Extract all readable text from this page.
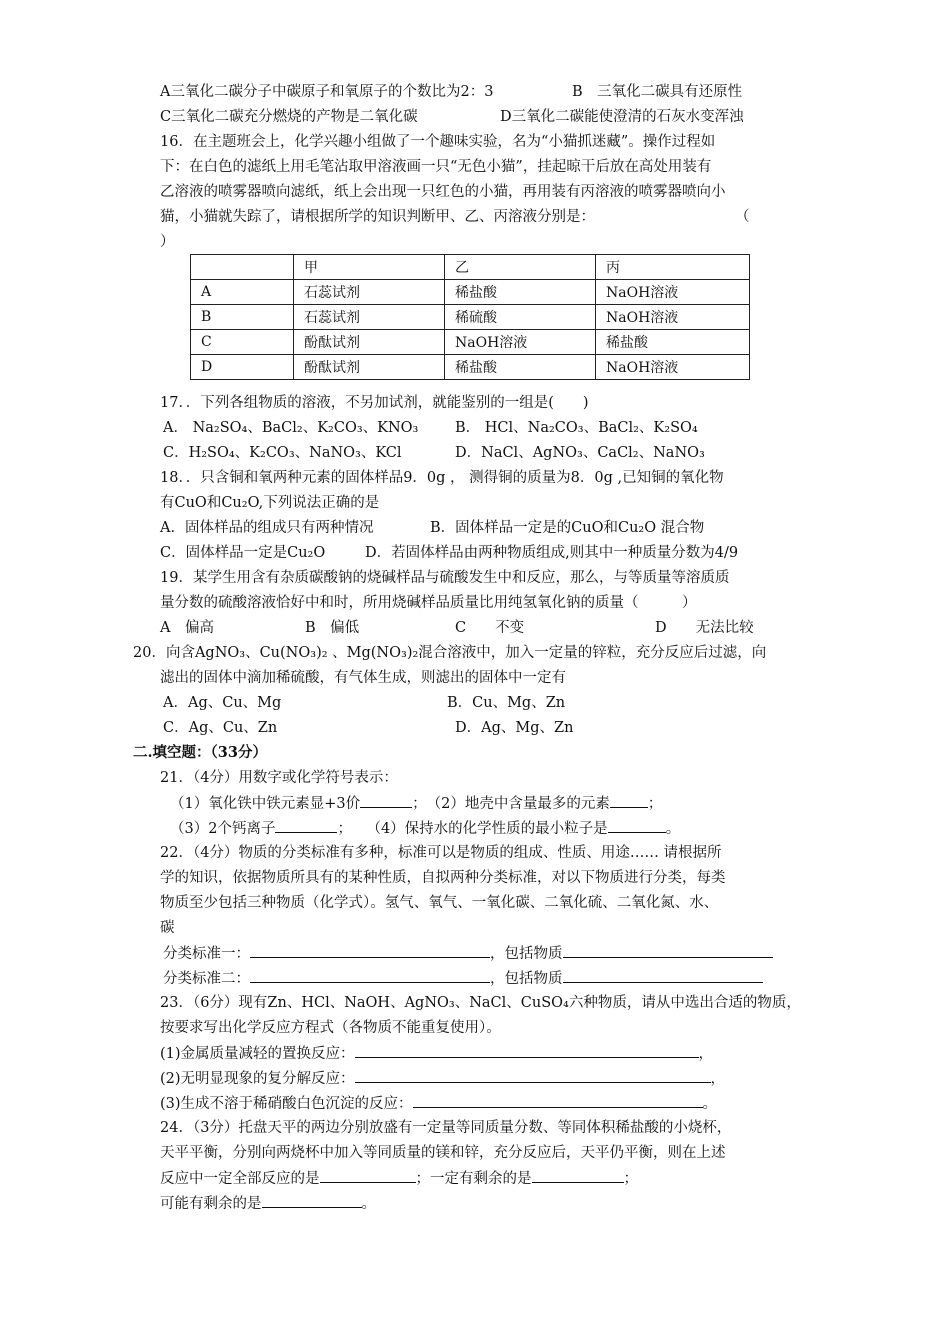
A三氧化二碳分子中碳原子和氧原子的个数比为2：3	B　三氧化二碳具有还原性
C三氧化二碳充分燃烧的产物是二氧化碳	D三氧化二碳能使澄清的石灰水变浑浊
16．在主题班会上，化学兴趣小组做了一个趣味实验，名为“小猫抓迷藏”。操作过程如
下：在白色的滤纸上用毛笔沾取甲溶液画一只“无色小猫”，挂起晾干后放在高处用装有
乙溶液的喷雾器喷向滤纸，纸上会出现一只红色的小猫，再用装有丙溶液的喷雾器喷向小
猫，小猫就失踪了，请根据所学的知识判断甲、乙、丙溶液分别是：	（
）
	甲	乙	丙
A	石蕊试剂	稀盐酸	NaOH溶液
B	石蕊试剂	稀硫酸	NaOH溶液
C	酚酞试剂	NaOH溶液	稀盐酸
D	酚酞试剂	稀盐酸	NaOH溶液
17．．下列各组物质的溶液，不另加试剂，就能鉴别的一组是(　　)
A． Na₂SO₄、BaCl₂、K₂CO₃、KNO₃	B． HCl、Na₂CO₃、BaCl₂、K₂SO₄
C．H₂SO₄、K₂CO₃、NaNO₃、KCl	D．NaCl、AgNO₃、CaCl₂、NaNO₃
18．．只含铜和氧两种元素的固体样品9．0g ， 测得铜的质量为8．0g ,已知铜的氧化物
有CuO和Cu₂O,下列说法正确的是
A．固体样品的组成只有两种情况	B．固体样品一定是的CuO和Cu₂O 混合物
C．固体样品一定是Cu₂O	D．若固体样品由两种物质组成,则其中一种质量分数为4/9
19．某学生用含有杂质碳酸钠的烧碱样品与硫酸发生中和反应，那么，与等质量等溶质质
量分数的硫酸溶液恰好中和时，所用烧碱样品质量比用纯氢氧化钠的质量（　　　）
A　偏高	B　偏低	C　　不变	D　　无法比较
20．向含AgNO₃、Cu(NO₃)₂ 、Mg(NO₃)₂混合溶液中，加入一定量的锌粒，充分反应后过滤，向
滤出的固体中滴加稀硫酸，有气体生成，则滤出的固体中一定有
A．Ag、Cu、Mg	B．Cu、Mg、Zn
C．Ag、Cu、Zn	D．Ag、Mg、Zn
二.填空题：（33分）
21．（4分）用数字或化学符号表示：
（1）氧化铁中铁元素显+3价	；　（2）地壳中含量最多的元素	；
（3）2个钙离子	；　　（4）保持水的化学性质的最小粒子是	。
22．（4分）物质的分类标准有多种，标准可以是物质的组成、性质、用途…… 请根据所
学的知识，依据物质所具有的某种性质，自拟两种分类标准，对以下物质进行分类，每类
物质至少包括三种物质（化学式）。氢气、氧气、一氧化碳、二氧化硫、二氧化氮、水、
碳
分类标准一：	，包括物质
分类标准二：	，包括物质
23．（6分）现有Zn、HCl、NaOH、AgNO₃、NaCl、CuSO₄六种物质，请从中选出合适的物质，
按要求写出化学反应方程式（各物质不能重复使用）。
(1)金属质量减轻的置换反应：	，
(2)无明显现象的复分解反应：	，
(3)生成不溶于稀硝酸白色沉淀的反应：	。
24．（3分）托盘天平的两边分别放盛有一定量等同质量分数、等同体积稀盐酸的小烧杯，
天平平衡，分别向两烧杯中加入等同质量的镁和锌，充分反应后，天平仍平衡，则在上述
反应中一定全部反应的是	；一定有剩余的是	；
可能有剩余的是	。
